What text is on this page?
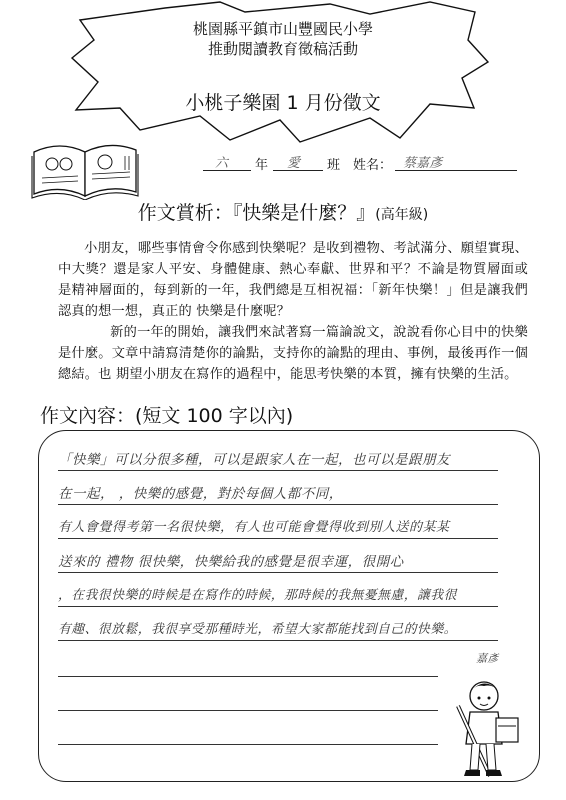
桃園縣平鎮市山豐國民小學
推動閱讀教育徵稿活動
小桃子樂園 1 月份徵文
六 年 愛 班 姓名： 蔡嘉彥
作文賞析：『快樂是什麼？』(高年級)
小朋友，哪些事情會令你感到快樂呢？是收到禮物、考試滿分、願望實現、中大獎？還是家人平安、身體健康、熱心奉獻、世界和平？不論是物質層面或 是精神層面的，每到新的一年，我們總是互相祝福：「新年快樂！」但是讓我們認真的想一想，真正的 快樂是什麼呢？
新的一年的開始，讓我們來試著寫一篇論說文，說說看你心目中的快樂是什麼。文章中請寫清楚你的論點，支持你的論點的理由、事例，最後再作一個總結。也 期望小朋友在寫作的過程中，能思考快樂的本質，擁有快樂的生活。
作文內容：(短文 100 字以內)
「快樂」可以分很多種，可以是跟家人在一起，也可以是跟朋友
在一起， ，快樂的感覺，對於每個人都不同，
有人會覺得考第一名很快樂，有人也可能會覺得收到別人送的某某
送來的 禮物 很快樂，快樂給我的感覺是很幸運，很開心
，在我很快樂的時候是在寫作的時候，那時候的我無憂無慮，讓我很
有趣、很放鬆，我很享受那種時光，希望大家都能找到自己的快樂。
嘉彥
